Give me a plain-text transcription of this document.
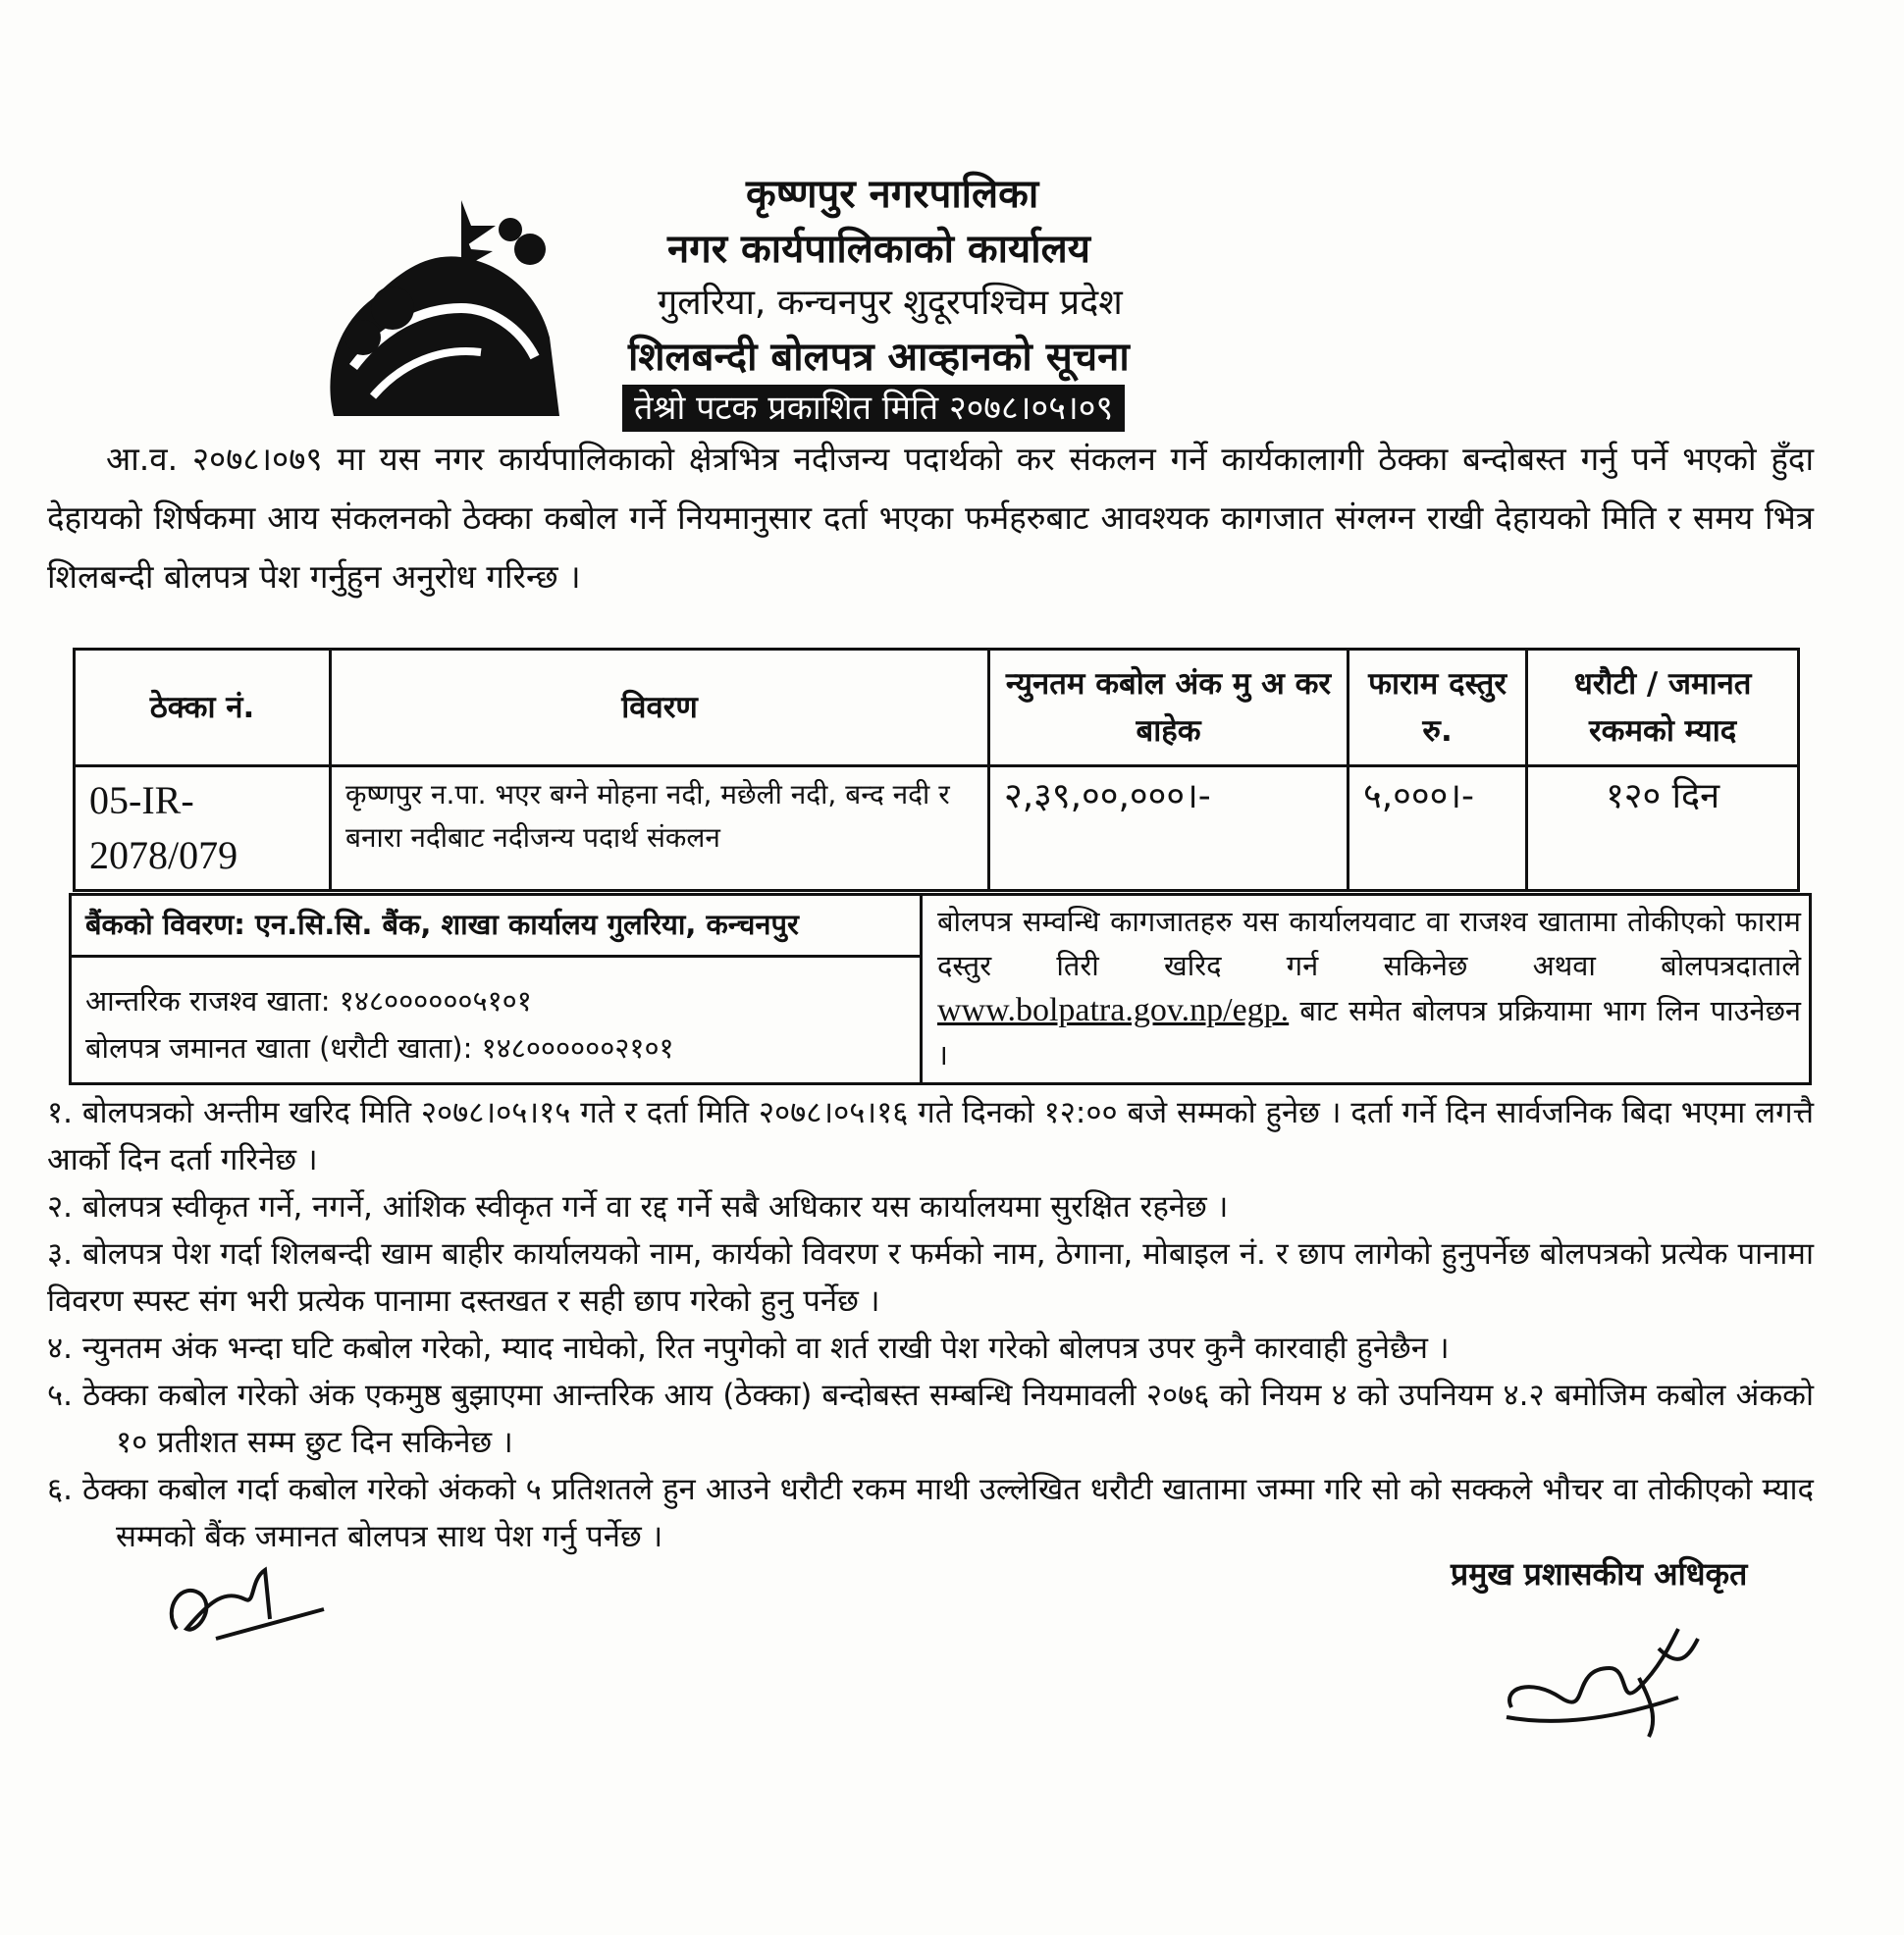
कृष्णपुर नगरपालिका
नगर कार्यपालिकाको कार्यालय
गुलरिया, कन्चनपुर शुदूरपश्चिम प्रदेश
शिलबन्दी बोलपत्र आव्हानको सूचना
तेश्रो पटक प्रकाशित मिति २०७८।०५।०९
आ.व. २०७८।०७९ मा यस नगर कार्यपालिकाको क्षेत्रभित्र नदीजन्य पदार्थको कर संकलन गर्ने कार्यकालागी ठेक्का बन्दोबस्त गर्नु पर्ने भएको हुँदा देहायको शिर्षकमा आय संकलनको ठेक्का कबोल गर्ने नियमानुसार दर्ता भएका फर्महरुबाट आवश्यक कागजात संग्लग्न राखी देहायको मिति र समय भित्र शिलबन्दी बोलपत्र पेश गर्नुहुन अनुरोध गरिन्छ ।
ठेक्का नं.	विवरण	न्युनतम कबोल अंक मु अ कर बाहेक	फाराम दस्तुर रु.	धरौटी / जमानत रकमको म्याद
05-IR-2078/079	कृष्णपुर न.पा. भएर बग्ने मोहना नदी, मछेली नदी, बन्द नदी र बनारा नदीबाट नदीजन्य पदार्थ संकलन	२,३९,००,०००।-	५,०००।-	१२० दिन
बैंकको विवरण: एन.सि.सि. बैंक, शाखा कार्यालय गुलरिया, कन्चनपुर
आन्तरिक राजश्व खाता: १४८००००००५१०१
बोलपत्र जमानत खाता (धरौटी खाता): १४८००००००२१०१
बोलपत्र सम्वन्धि कागजातहरु यस कार्यालयवाट वा राजश्व खातामा तोकीएको फाराम दस्तुर तिरी खरिद गर्न सकिनेछ अथवा बोलपत्रदाताले www.bolpatra.gov.np/egp. बाट समेत बोलपत्र प्रक्रियामा भाग लिन पाउनेछन ।
१. बोलपत्रको अन्तीम खरिद मिति २०७८।०५।१५ गते र दर्ता मिति २०७८।०५।१६ गते दिनको १२:०० बजे सम्मको हुनेछ । दर्ता गर्ने दिन सार्वजनिक बिदा भएमा लगत्तै आर्को दिन दर्ता गरिनेछ ।
२. बोलपत्र स्वीकृत गर्ने, नगर्ने, आंशिक स्वीकृत गर्ने वा रद्द गर्ने सबै अधिकार यस कार्यालयमा सुरक्षित रहनेछ ।
३. बोलपत्र पेश गर्दा शिलबन्दी खाम बाहीर कार्यालयको नाम, कार्यको विवरण र फर्मको नाम, ठेगाना, मोबाइल नं. र छाप लागेको हुनुपर्नेछ बोलपत्रको प्रत्येक पानामा विवरण स्पस्ट संग भरी प्रत्येक पानामा दस्तखत र सही छाप गरेको हुनु पर्नेछ ।
४. न्युनतम अंक भन्दा घटि कबोल गरेको, म्याद नाघेको, रित नपुगेको वा शर्त राखी पेश गरेको बोलपत्र उपर कुनै कारवाही हुनेछैन ।
५. ठेक्का कबोल गरेको अंक एकमुष्ठ बुझाएमा आन्तरिक आय (ठेक्का) बन्दोबस्त सम्बन्धि नियमावली २०७६ को नियम ४ को उपनियम ४.२ बमोजिम कबोल अंकको १० प्रतीशत सम्म छुट दिन सकिनेछ ।
६. ठेक्का कबोल गर्दा कबोल गरेको अंकको ५ प्रतिशतले हुन आउने धरौटी रकम माथी उल्लेखित धरौटी खातामा जम्मा गरि सो को सक्कले भौचर वा तोकीएको म्याद सम्मको बैंक जमानत बोलपत्र साथ पेश गर्नु पर्नेछ ।
प्रमुख प्रशासकीय अधिकृत
